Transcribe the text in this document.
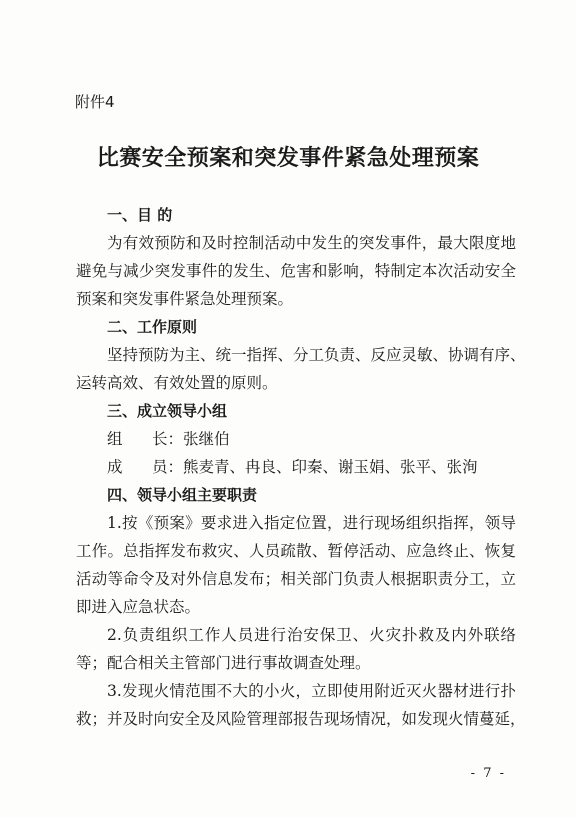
附件4

比赛安全预案和突发事件紧急处理预案

一、目 的

为有效预防和及时控制活动中发生的突发事件，最大限度地

避免与减少突发事件的发生、危害和影响，特制定本次活动安全

预案和突发事件紧急处理预案。

二、工作原则

坚持预防为主、统一指挥、分工负责、反应灵敏、协调有序、

运转高效、有效处置的原则。

三、成立领导小组

组 长： 张继伯
成 员： 熊麦青、冉良、印秦、谢玉娟、张平、张洵

四、领导小组主要职责

1.按《预案》要求进入指定位置，进行现场组织指挥，领导

工作。总指挥发布救灾、人员疏散、暂停活动、应急终止、恢复

活动等命令及对外信息发布；相关部门负责人根据职责分工，立

即进入应急状态。

2.负责组织工作人员进行治安保卫、火灾扑救及内外联络

等；配合相关主管部门进行事故调查处理。

3.发现火情范围不大的小火，立即使用附近灭火器材进行扑

救；并及时向安全及风险管理部报告现场情况，如发现火情蔓延，

- 7 -
